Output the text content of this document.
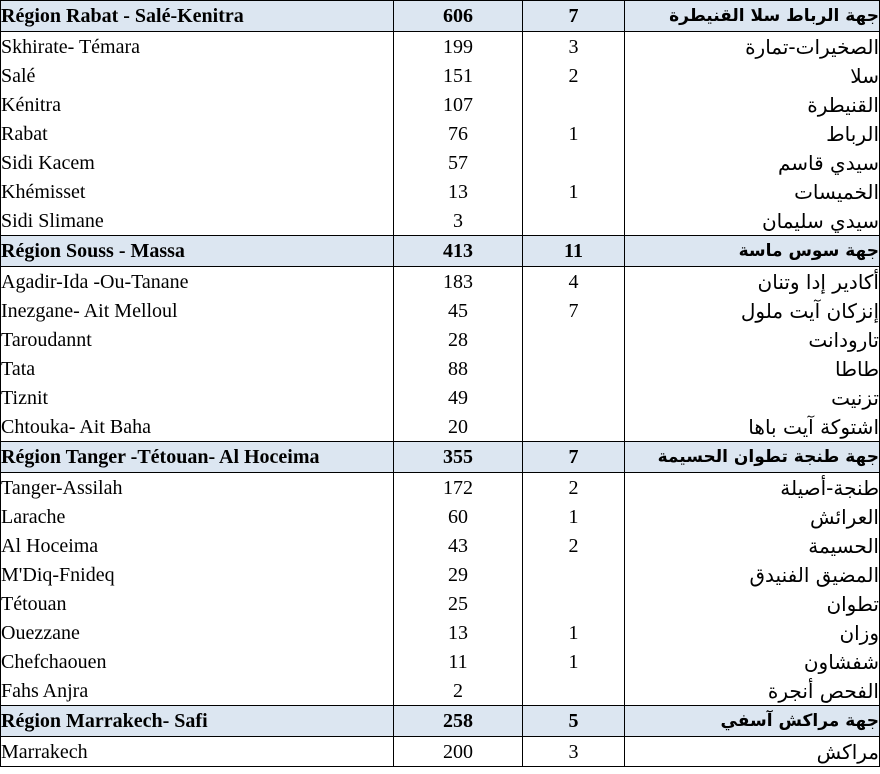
Région Rabat - Salé-Kenitra	606	7	جهة الرباط سلا القنيطرة
Skhirate- Témara	199	3	الصخيرات-تمارة
Salé	151	2	سلا
Kénitra	107		القنيطرة
Rabat	76	1	الرباط
Sidi Kacem	57		سيدي قاسم
Khémisset	13	1	الخميسات
Sidi Slimane	3		سيدي سليمان
Région Souss - Massa	413	11	جهة سوس ماسة
Agadir-Ida -Ou-Tanane	183	4	أكادير إدا وتنان
Inezgane- Ait Melloul	45	7	إنزكان آيت ملول
Taroudannt	28		تارودانت
Tata	88		طاطا
Tiznit	49		تزنيت
Chtouka- Ait Baha	20		اشتوكة آيت باها
Région Tanger -Tétouan- Al Hoceima	355	7	جهة طنجة تطوان الحسيمة
Tanger-Assilah	172	2	طنجة-أصيلة
Larache	60	1	العرائش
Al Hoceima	43	2	الحسيمة
M'Diq-Fnideq	29		المضيق الفنيدق
Tétouan	25		تطوان
Ouezzane	13	1	وزان
Chefchaouen	11	1	شفشاون
Fahs Anjra	2		الفحص أنجرة
Région Marrakech- Safi	258	5	جهة مراكش آسفي
Marrakech	200	3	مراكش
